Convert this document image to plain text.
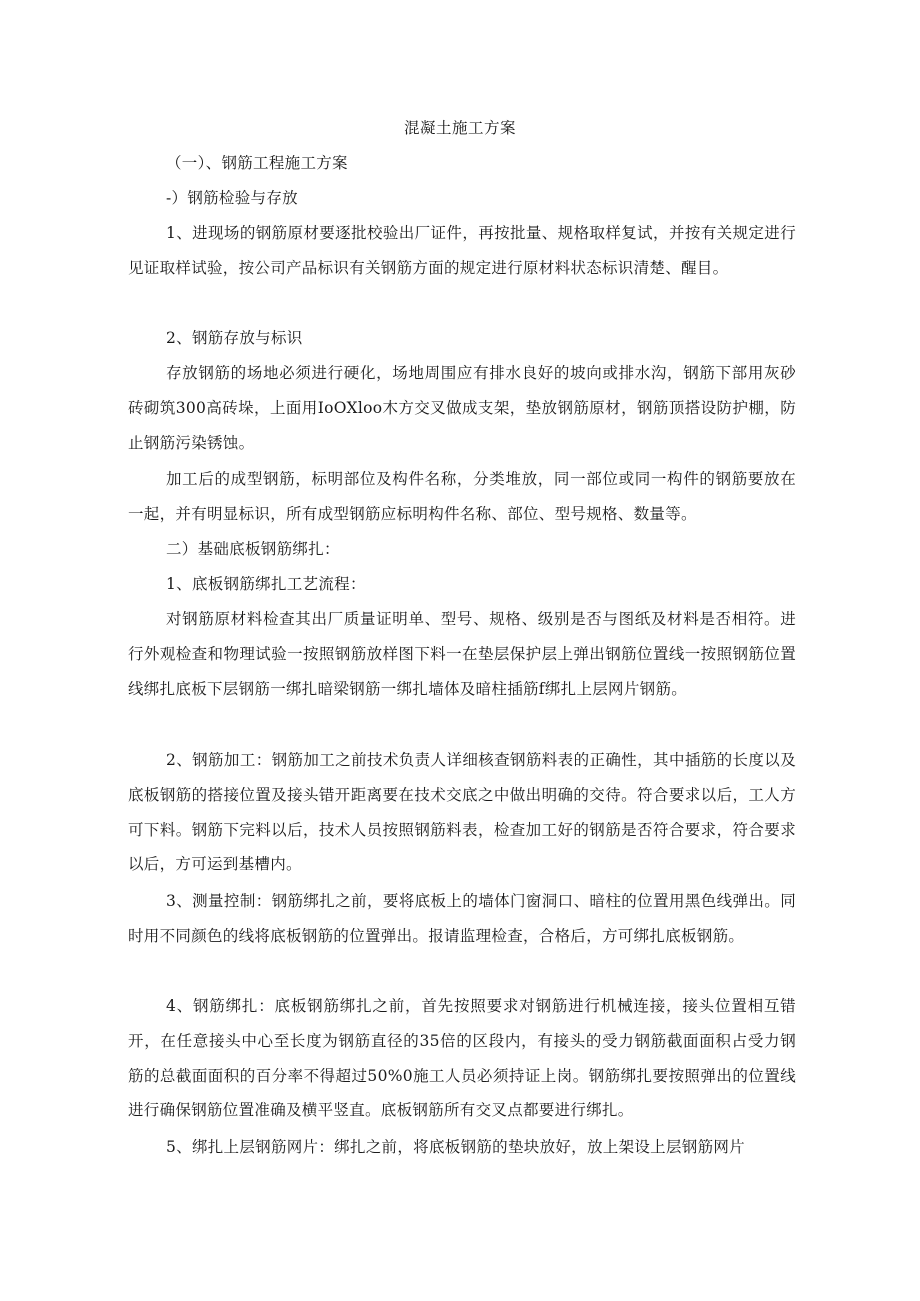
混凝土施工方案

（一）、钢筋工程施工方案

-）钢筋检验与存放

1、进现场的钢筋原材要逐批校验出厂证件，再按批量、规格取样复试，并按有关规定进行见证取样试验，按公司产品标识有关钢筋方面的规定进行原材料状态标识清楚、醒目。

2、钢筋存放与标识

存放钢筋的场地必须进行硬化，场地周围应有排水良好的坡向或排水沟，钢筋下部用灰砂砖砌筑300高砖垛，上面用IoOXloo木方交叉做成支架，垫放钢筋原材，钢筋顶搭设防护棚，防止钢筋污染锈蚀。

加工后的成型钢筋，标明部位及构件名称，分类堆放，同一部位或同一构件的钢筋要放在一起，并有明显标识，所有成型钢筋应标明构件名称、部位、型号规格、数量等。

二）基础底板钢筋绑扎：

1、底板钢筋绑扎工艺流程：

对钢筋原材料检查其出厂质量证明单、型号、规格、级别是否与图纸及材料是否相符。进行外观检查和物理试验一按照钢筋放样图下料一在垫层保护层上弹出钢筋位置线一按照钢筋位置线绑扎底板下层钢筋一绑扎暗梁钢筋一绑扎墙体及暗柱插筋f绑扎上层网片钢筋。

2、钢筋加工：钢筋加工之前技术负责人详细核查钢筋料表的正确性，其中插筋的长度以及底板钢筋的搭接位置及接头错开距离要在技术交底之中做出明确的交待。符合要求以后，工人方可下料。钢筋下完料以后，技术人员按照钢筋料表，检查加工好的钢筋是否符合要求，符合要求以后，方可运到基槽内。

3、测量控制：钢筋绑扎之前，要将底板上的墙体门窗洞口、暗柱的位置用黑色线弹出。同时用不同颜色的线将底板钢筋的位置弹出。报请监理检查，合格后，方可绑扎底板钢筋。

4、钢筋绑扎：底板钢筋绑扎之前，首先按照要求对钢筋进行机械连接，接头位置相互错开，在任意接头中心至长度为钢筋直径的35倍的区段内，有接头的受力钢筋截面面积占受力钢筋的总截面面积的百分率不得超过50%0施工人员必须持证上岗。钢筋绑扎要按照弹出的位置线进行确保钢筋位置准确及横平竖直。底板钢筋所有交叉点都要进行绑扎。

5、绑扎上层钢筋网片：绑扎之前，将底板钢筋的垫块放好，放上架设上层钢筋网片
